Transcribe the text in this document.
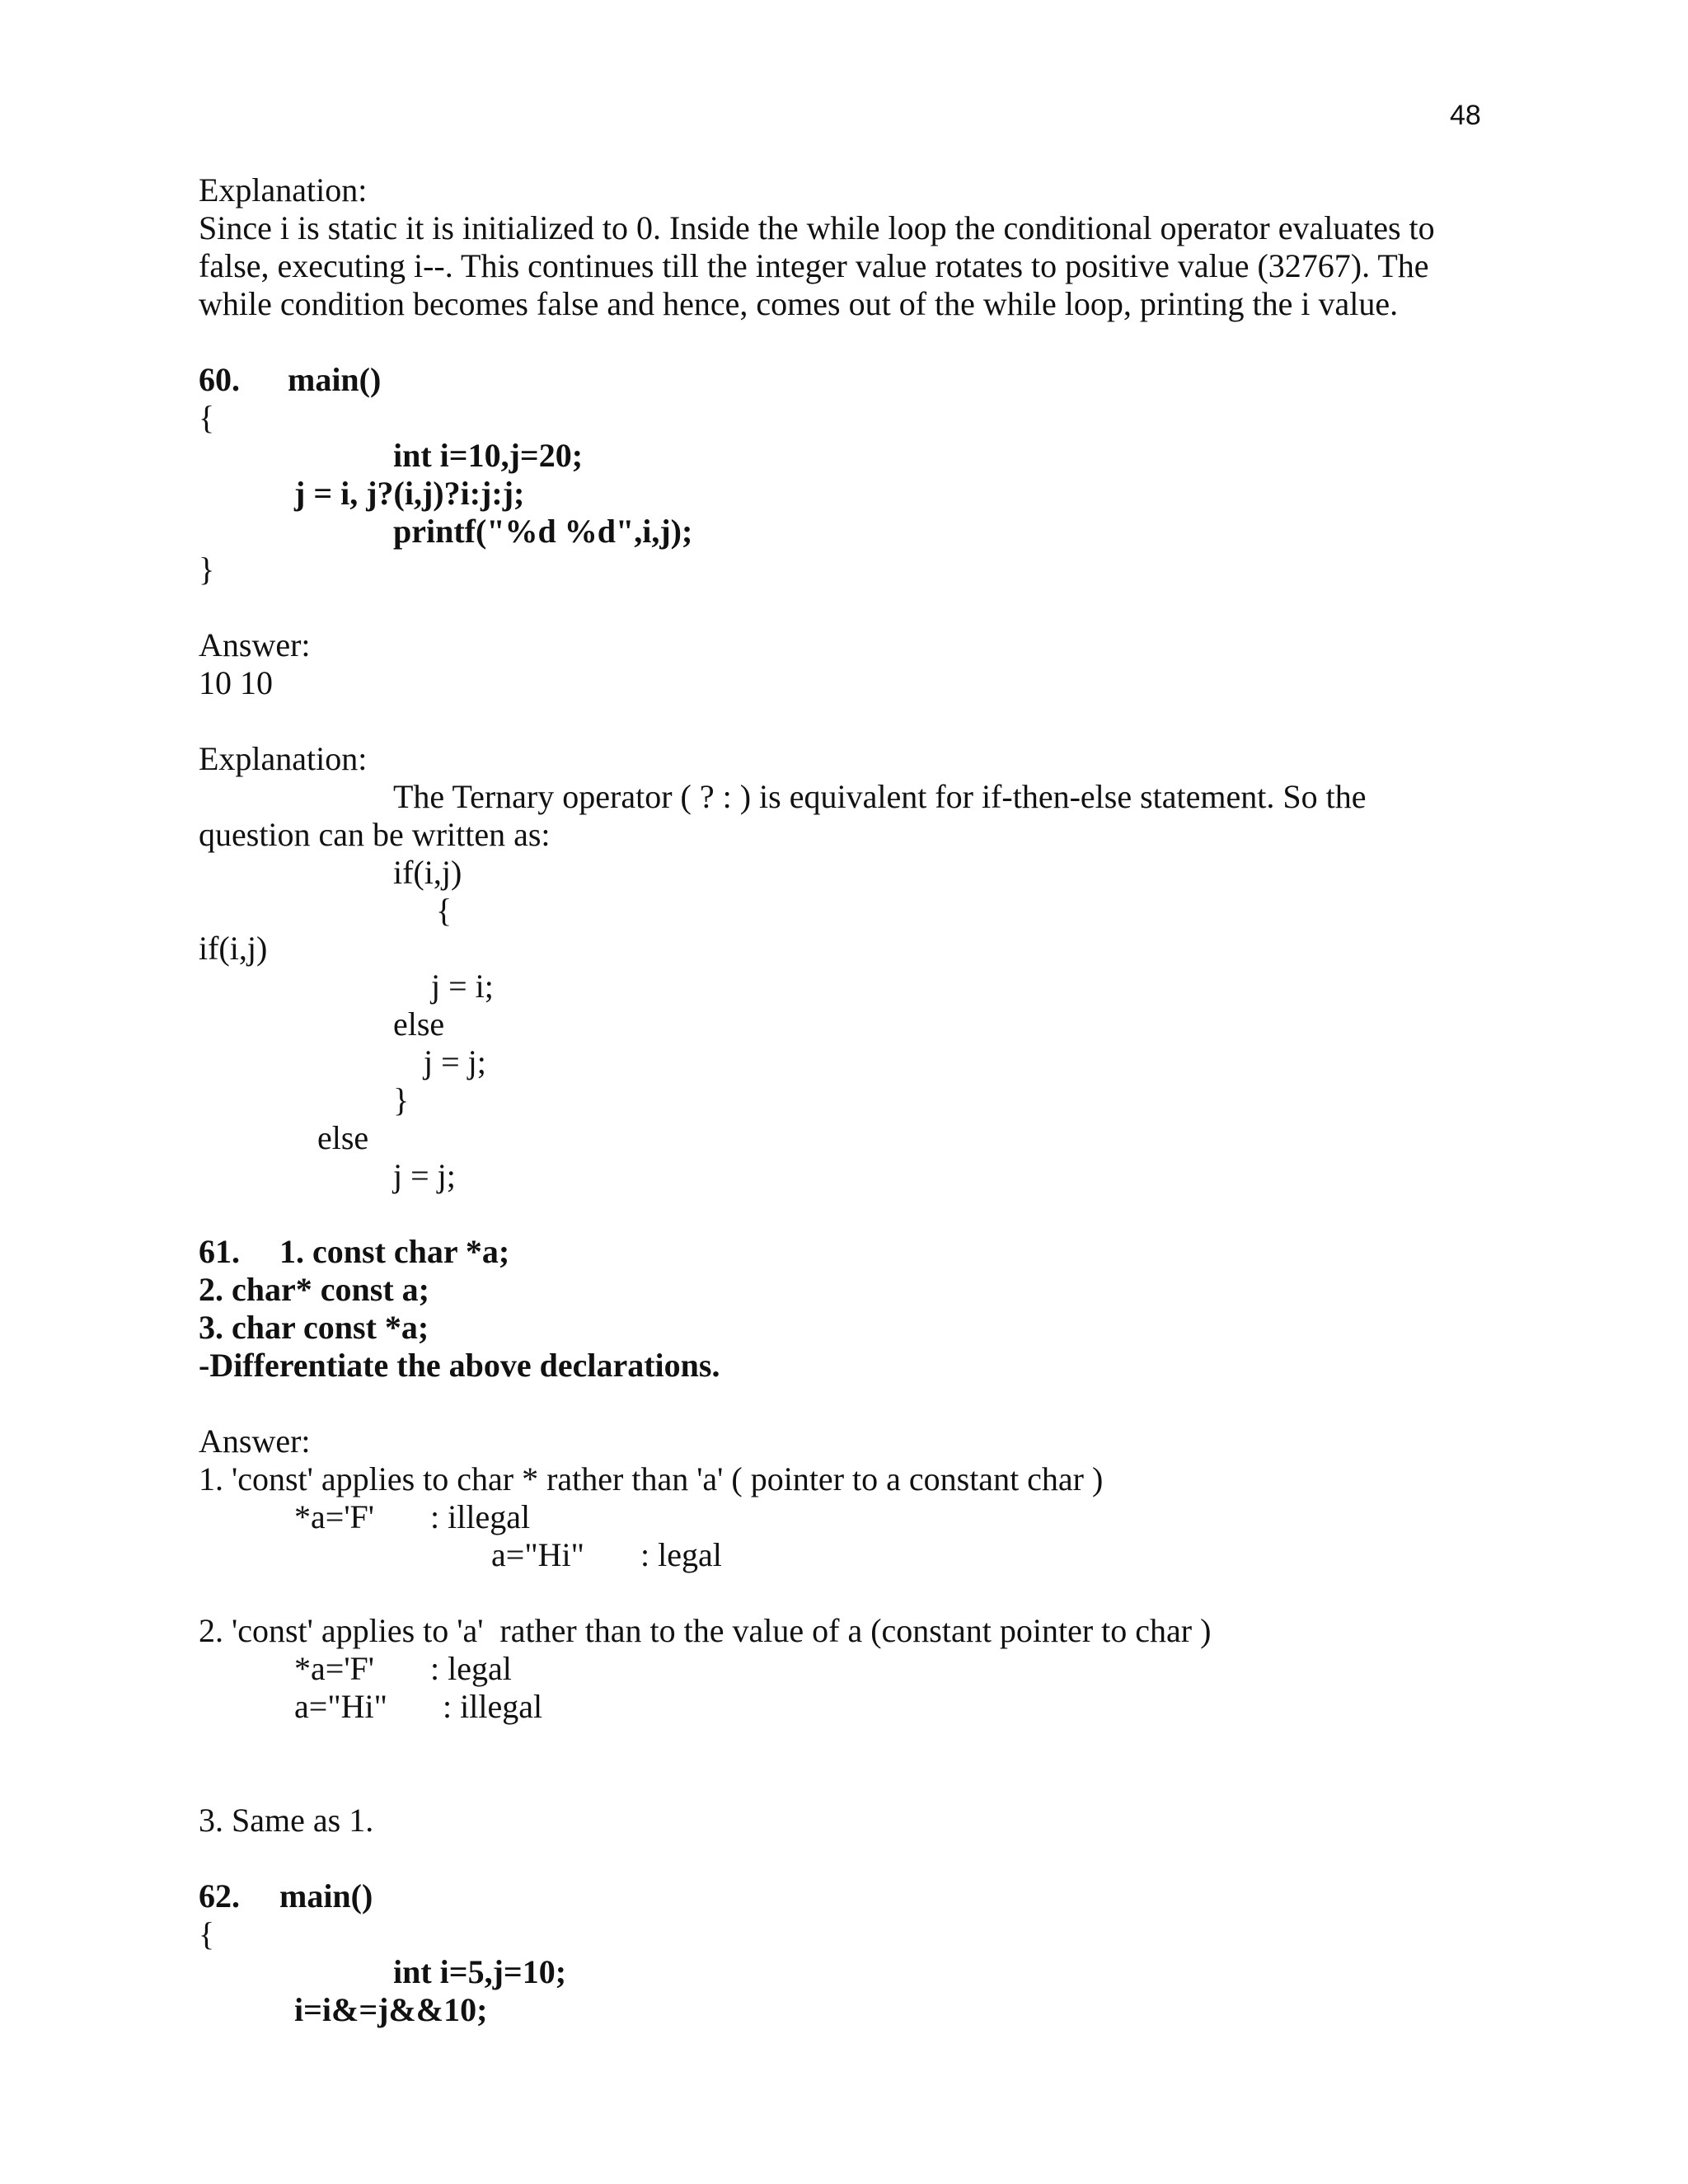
48
Explanation:
Since i is static it is initialized to 0. Inside the while loop the conditional operator evaluates to
false, executing i--. This continues till the integer value rotates to positive value (32767). The
while condition becomes false and hence, comes out of the while loop, printing the i value.
60. main()
{
int i=10,j=20;
j = i, j?(i,j)?i:j:j;
printf("%d %d",i,j);
}
Answer:
10 10
Explanation:
The Ternary operator ( ? : ) is equivalent for if-then-else statement. So the
question can be written as:
if(i,j)
{
if(i,j)
j = i;
else
j = j;
}
else
j = j;
61. 1. const char *a;
2. char* const a;
3. char const *a;
-Differentiate the above declarations.
Answer:
1. 'const' applies to char * rather than 'a' ( pointer to a constant char )
*a='F' : illegal
a="Hi" : legal
2. 'const' applies to 'a'  rather than to the value of a (constant pointer to char )
*a='F' : legal
a="Hi" : illegal
3. Same as 1.
62. main()
{
int i=5,j=10;
i=i&=j&&10;
